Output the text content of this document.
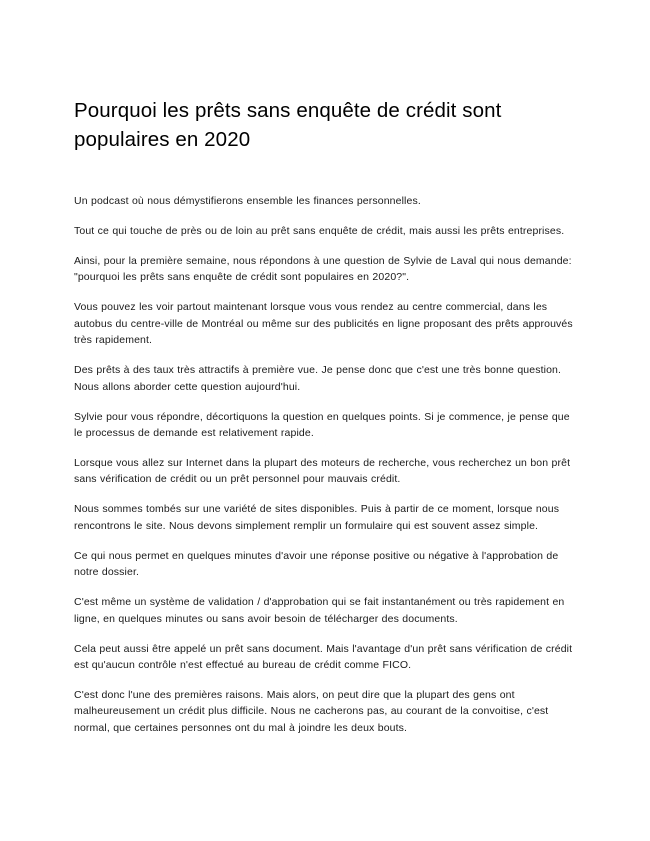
Pourquoi les prêts sans enquête de crédit sont populaires en 2020

Un podcast où nous démystifierons ensemble les finances personnelles.

Tout ce qui touche de près ou de loin au prêt sans enquête de crédit, mais aussi les prêts entreprises.

Ainsi, pour la première semaine, nous répondons à une question de Sylvie de Laval qui nous demande: "pourquoi les prêts sans enquête de crédit sont populaires en 2020?".

Vous pouvez les voir partout maintenant lorsque vous vous rendez au centre commercial, dans les autobus du centre-ville de Montréal ou même sur des publicités en ligne proposant des prêts approuvés très rapidement.

Des prêts à des taux très attractifs à première vue. Je pense donc que c'est une très bonne question. Nous allons aborder cette question aujourd'hui.

Sylvie pour vous répondre, décortiquons la question en quelques points. Si je commence, je pense que le processus de demande est relativement rapide.

Lorsque vous allez sur Internet dans la plupart des moteurs de recherche, vous recherchez un bon prêt sans vérification de crédit ou un prêt personnel pour mauvais crédit.

Nous sommes tombés sur une variété de sites disponibles. Puis à partir de ce moment, lorsque nous rencontrons le site. Nous devons simplement remplir un formulaire qui est souvent assez simple.

Ce qui nous permet en quelques minutes d'avoir une réponse positive ou négative à l'approbation de notre dossier.

C'est même un système de validation / d'approbation qui se fait instantanément ou très rapidement en ligne, en quelques minutes ou sans avoir besoin de télécharger des documents.

Cela peut aussi être appelé un prêt sans document. Mais l'avantage d'un prêt sans vérification de crédit est qu'aucun contrôle n'est effectué au bureau de crédit comme FICO.

C'est donc l'une des premières raisons. Mais alors, on peut dire que la plupart des gens ont malheureusement un crédit plus difficile. Nous ne cacherons pas, au courant de la convoitise, c'est normal, que certaines personnes ont du mal à joindre les deux bouts.
